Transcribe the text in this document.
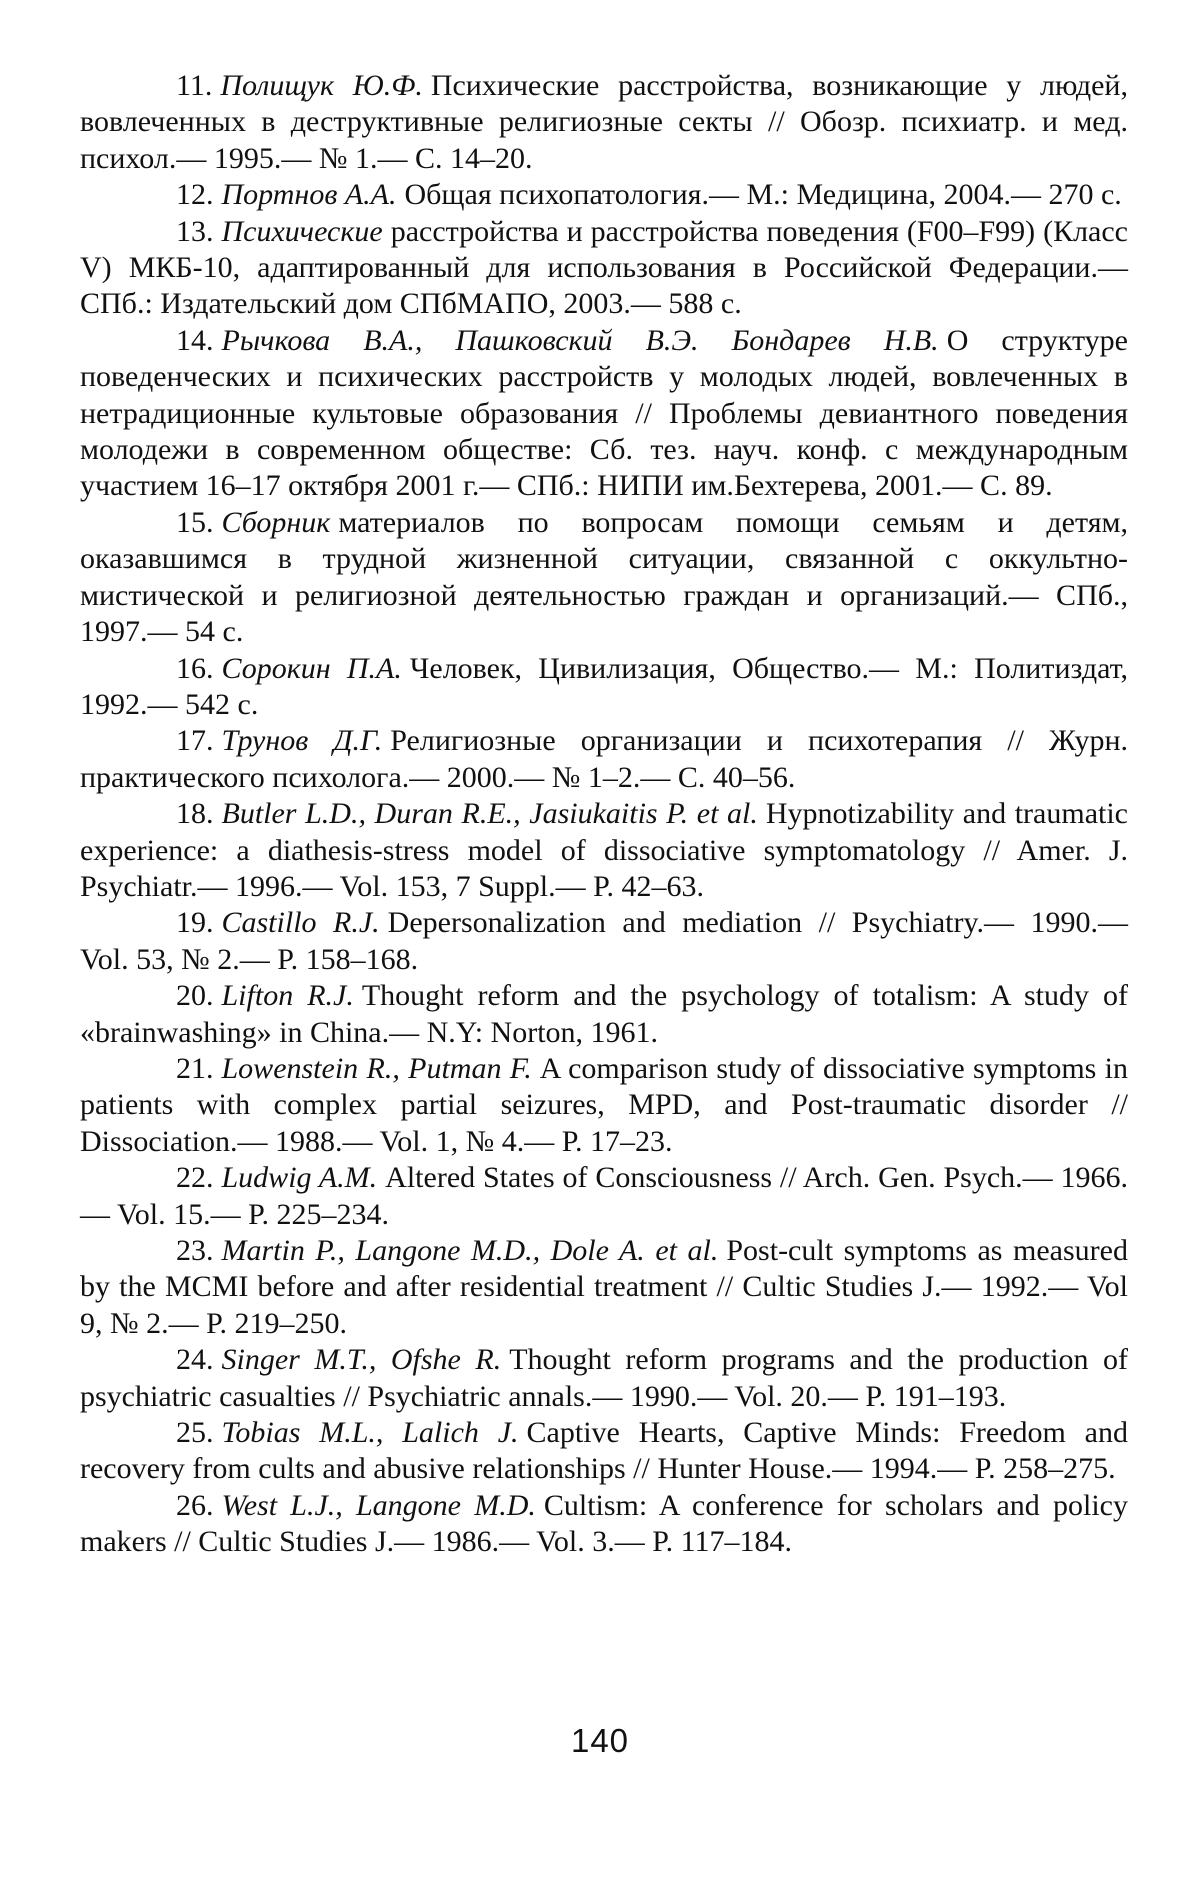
11. Полищук Ю.Ф. Психические расстройства, возникающие у людей, вовлеченных в деструктивные религиозные секты // Обозр. психиатр. и мед. психол.— 1995.— № 1.— С. 14–20.

12. Портнов А.А. Общая психопатология.— М.: Медицина, 2004.— 270 с.

13. Психические расстройства и расстройства поведения (F00–F99) (Класс V) МКБ-10, адаптированный для использования в Российской Федерации.— СПб.: Издательский дом СПбМАПО, 2003.— 588 с.

14. Рычкова В.А., Пашковский В.Э. Бондарев Н.В. О структуре поведенческих и психических расстройств у молодых людей, вовлеченных в нетрадиционные культовые образования // Проблемы девиантного поведения молодежи в современном обществе: Сб. тез. науч. конф. с международным участием 16–17 октября 2001 г.— СПб.: НИПИ им.Бехтерева, 2001.— С. 89.

15. Сборник материалов по вопросам помощи семьям и детям, оказавшимся в трудной жизненной ситуации, связанной с оккультно-мистической и религиозной деятельностью граждан и организаций.— СПб., 1997.— 54 с.

16. Сорокин П.А. Человек, Цивилизация, Общество.— М.: Политиздат, 1992.— 542 с.

17. Трунов Д.Г. Религиозные организации и психотерапия // Журн. практического психолога.— 2000.— № 1–2.— С. 40–56.

18. Butler L.D., Duran R.E., Jasiukaitis P. et al. Hypnotizability and traumatic experience: a diathesis-stress model of dissociative symptomatology // Amer. J. Psychiatr.— 1996.— Vol. 153, 7 Suppl.— P. 42–63.

19. Castillo R.J. Depersonalization and mediation // Psychiatry.— 1990.— Vol. 53, № 2.— P. 158–168.

20. Lifton R.J. Thought reform and the psychology of totalism: A study of «brainwashing» in China.— N.Y: Norton, 1961.

21. Lowenstein R., Putman F. A comparison study of dissociative symptoms in patients with complex partial seizures, MPD, and Post-traumatic disorder // Dissociation.— 1988.— Vol. 1, № 4.— P. 17–23.

22. Ludwig A.M. Altered States of Consciousness // Arch. Gen. Psych.— 1966.— Vol. 15.— P. 225–234.

23. Martin P., Langone M.D., Dole A. et al. Post-cult symptoms as measured by the MCMI before and after residential treatment // Cultic Studies J.— 1992.— Vol 9, № 2.— P. 219–250.

24. Singer M.T., Ofshe R. Thought reform programs and the production of psychiatric casualties // Psychiatric annals.— 1990.— Vol. 20.— P. 191–193.

25. Tobias M.L., Lalich J. Captive Hearts, Captive Minds: Freedom and recovery from cults and abusive relationships // Hunter House.— 1994.— P. 258–275.

26. West L.J., Langone M.D. Cultism: A conference for scholars and policy makers // Cultic Studies J.— 1986.— Vol. 3.— P. 117–184.

140
